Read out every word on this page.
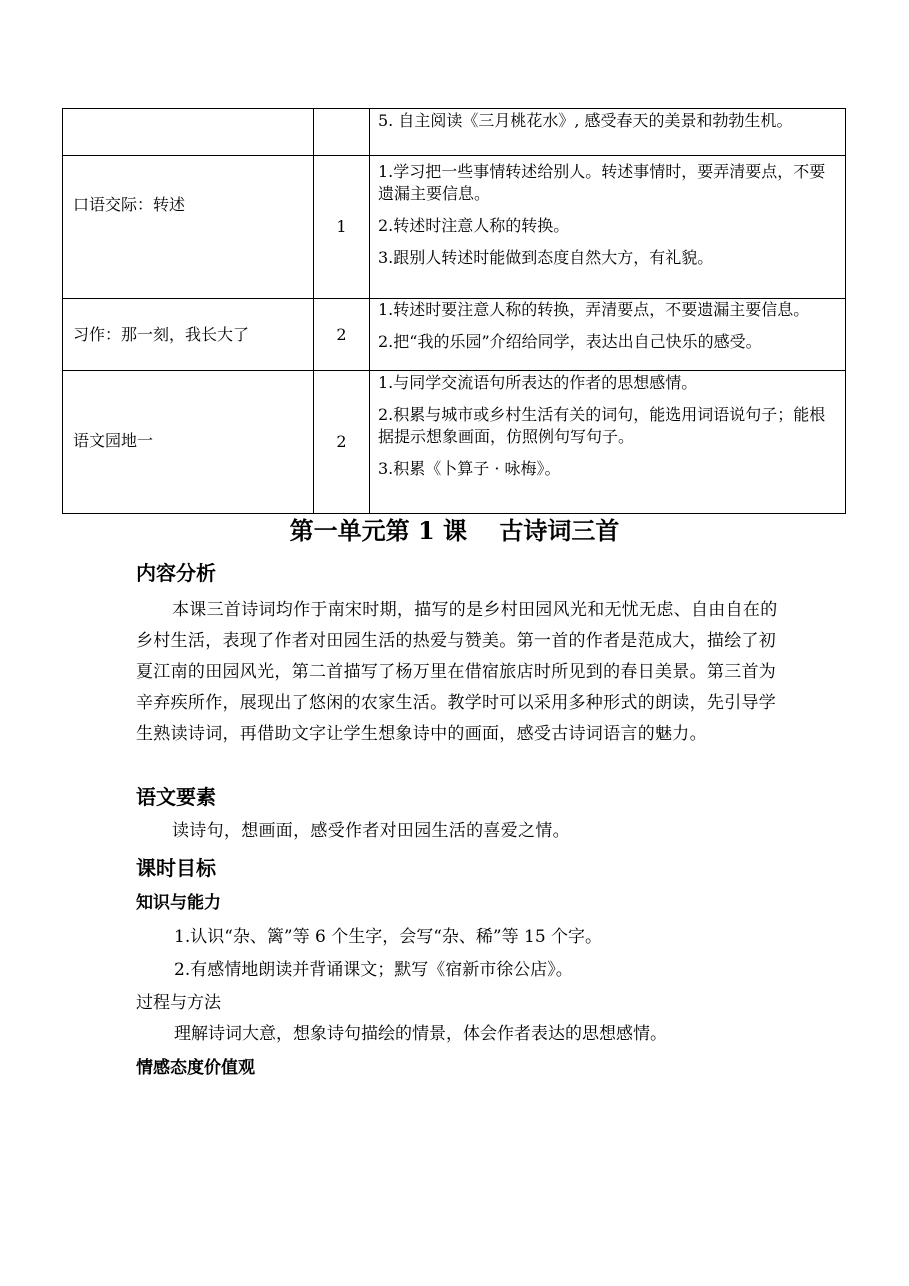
		5. 自主阅读《三月桃花水》, 感受春天的美景和勃勃生机。

口语交际：转述	1	1.学习把一些事情转述给别人。转述事情时，要弄清要点，不要遗漏主要信息。

2.转述时注意人称的转换。

3.跟别人转述时能做到态度自然大方，有礼貌。

习作：那一刻，我长大了	2	1.转述时要注意人称的转换，弄清要点，不要遗漏主要信息。

2.把“我的乐园”介绍给同学，表达出自己快乐的感受。

语文园地一	2	1.与同学交流语句所表达的作者的思想感情。

2.积累与城市或乡村生活有关的词句，能选用词语说句子；能根据提示想象画面，仿照例句写句子。

3.积累《卜算子 · 咏梅》。

第一单元第 1 课　 古诗词三首
内容分析

本课三首诗词均作于南宋时期，描写的是乡村田园风光和无忧无虑、自由自在的乡村生活，表现了作者对田园生活的热爱与赞美。第一首的作者是范成大，描绘了初夏江南的田园风光，第二首描写了杨万里在借宿旅店时所见到的春日美景。第三首为辛弃疾所作，展现出了悠闲的农家生活。教学时可以采用多种形式的朗读，先引导学生熟读诗词，再借助文字让学生想象诗中的画面，感受古诗词语言的魅力。

语文要素

读诗句，想画面，感受作者对田园生活的喜爱之情。

课时目标
知识与能力

1.认识“杂、篱”等 6 个生字，会写“杂、稀”等 15 个字。

2.有感情地朗读并背诵课文；默写《宿新市徐公店》。

过程与方法

理解诗词大意，想象诗句描绘的情景，体会作者表达的思想感情。

情感态度价值观
